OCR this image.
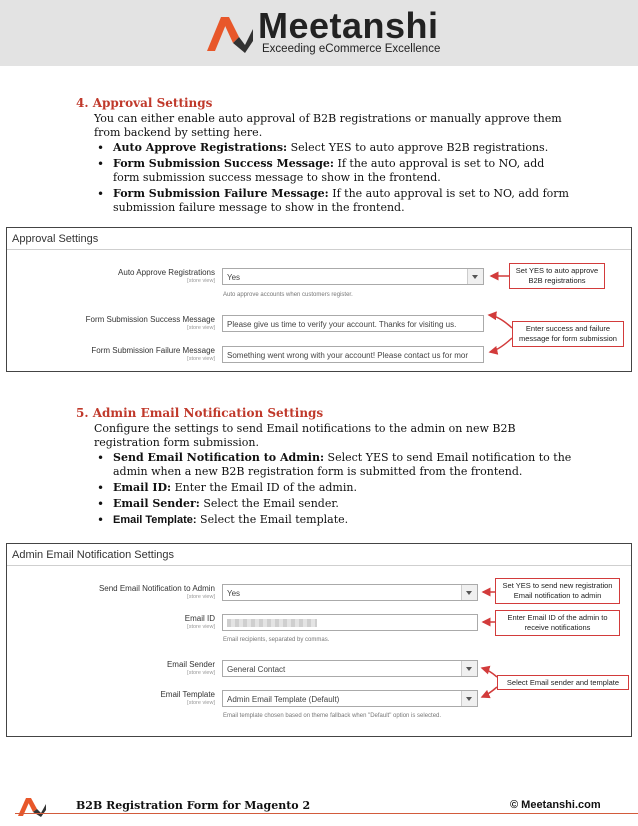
Meetanshi
Exceeding eCommerce Excellence
4. Approval Settings
You can either enable auto approval of B2B registrations or manually approve them from backend by setting here.
• Auto Approve Registrations: Select YES to auto approve B2B registrations.
• Form Submission Success Message: If the auto approval is set to NO, add form submission success message to show in the frontend.
• Form Submission Failure Message: If the auto approval is set to NO, add form submission failure message to show in the frontend.
Approval Settings
Auto Approve Registrations
[store view]	Yes
Auto approve accounts when customers register.
Form Submission Success Message
[store view]	Please give us time to verify your account. Thanks for visiting us.
Form Submission Failure Message
[store view]	Something went wrong with your account! Please contact us for mor
Set YES to auto approve B2B registrations
Enter success and failure message for form submission
5. Admin Email Notification Settings
Configure the settings to send Email notifications to the admin on new B2B registration form submission.
• Send Email Notification to Admin: Select YES to send Email notification to the admin when a new B2B registration form is submitted from the frontend.
• Email ID: Enter the Email ID of the admin.
• Email Sender: Select the Email sender.
• Email Template: Select the Email template.
Admin Email Notification Settings
Send Email Notification to Admin
[store view]	Yes
Email ID
[store view]
Email recipients, separated by commas.
Email Sender
[store view]	General Contact
Email Template
[store view]	Admin Email Template (Default)
Email template chosen based on theme fallback when "Default" option is selected.
Set YES to send new registration Email notification to admin
Enter Email ID of the admin to receive notifications
Select Email sender and template
B2B Registration Form for Magento 2	© Meetanshi.com
